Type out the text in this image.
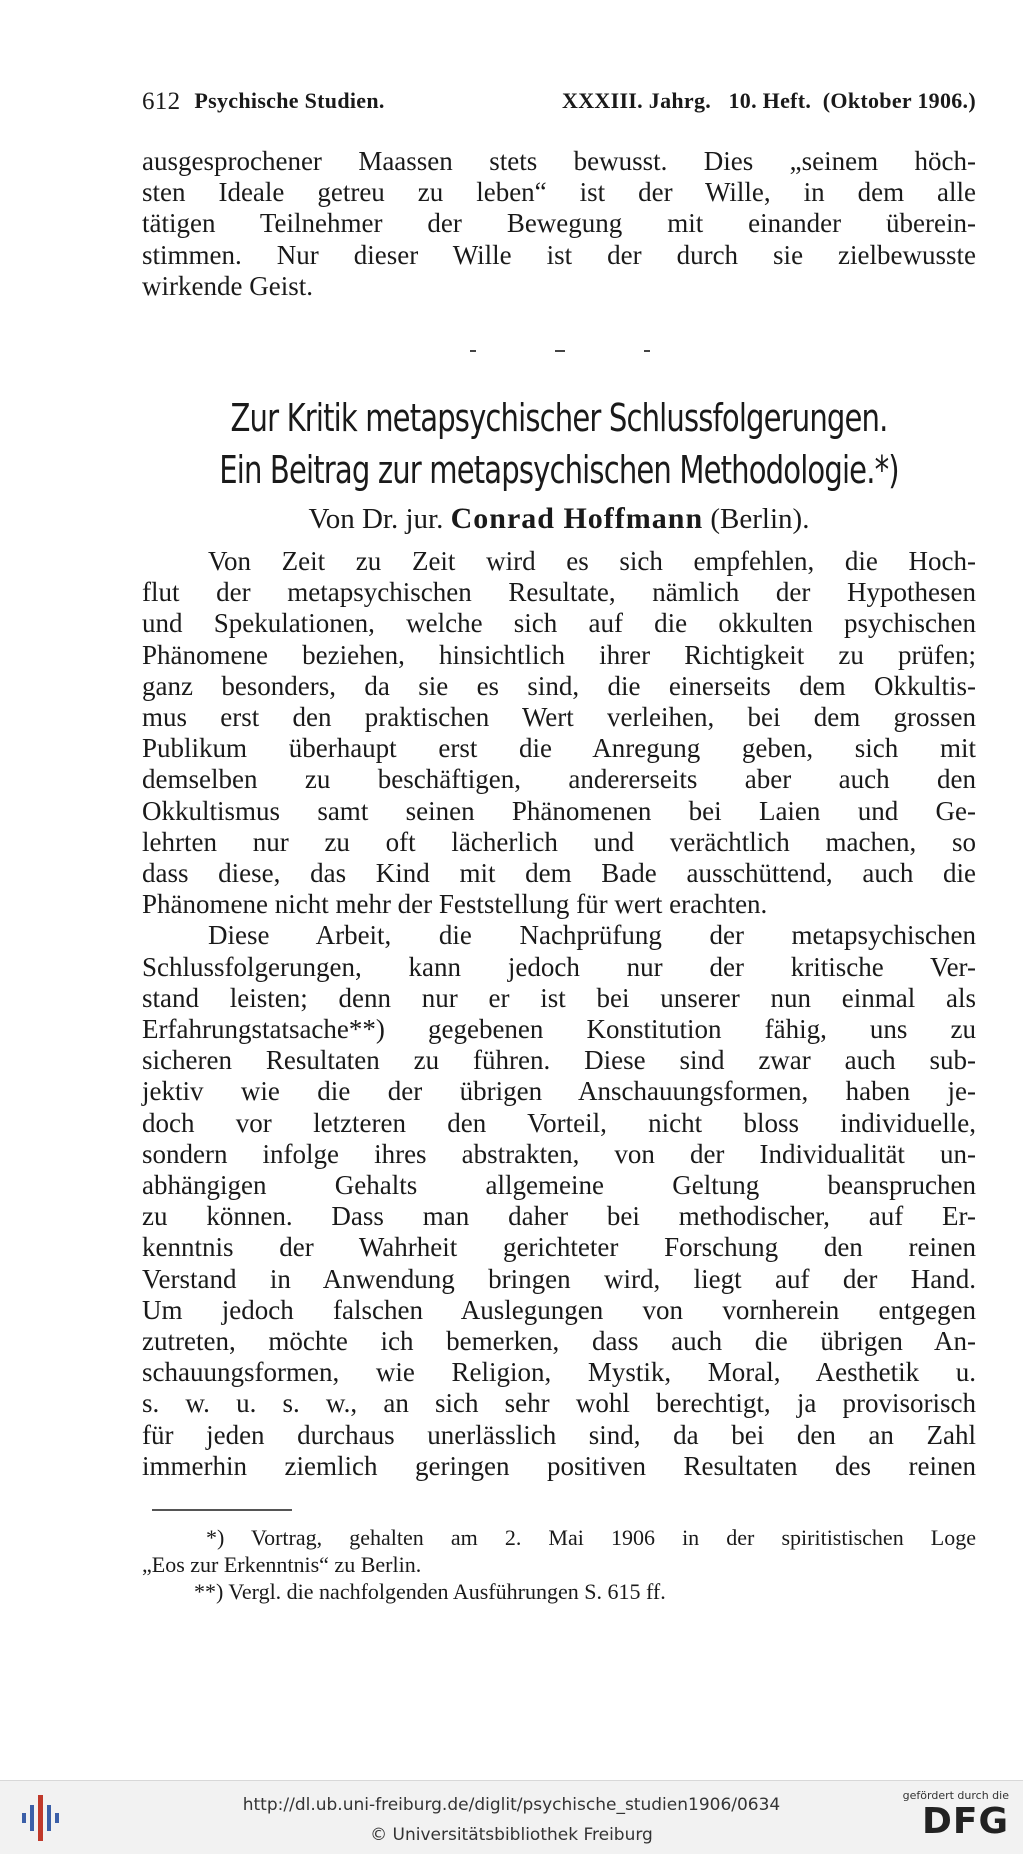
612 Psychische Studien.	XXXIII. Jahrg.   10. Heft.  (Oktober 1906.)
ausgesprochener Maassen stets bewusst. Dies „seinem höch-
sten Ideale getreu zu leben“ ist der Wille, in dem alle
tätigen Teilnehmer der Bewegung mit einander überein-
stimmen. Nur dieser Wille ist der durch sie zielbewusste
wirkende Geist.
Zur Kritik metapsychischer Schlussfolgerungen.
Ein Beitrag zur metapsychischen Methodologie.*)
Von Dr. jur. Conrad Hoffmann (Berlin).
Von Zeit zu Zeit wird es sich empfehlen, die Hoch-
flut der metapsychischen Resultate, nämlich der Hypothesen
und Spekulationen, welche sich auf die okkulten psychischen
Phänomene beziehen, hinsichtlich ihrer Richtigkeit zu prüfen;
ganz besonders, da sie es sind, die einerseits dem Okkultis-
mus erst den praktischen Wert verleihen, bei dem grossen
Publikum überhaupt erst die Anregung geben, sich mit
demselben zu beschäftigen, andererseits aber auch den
Okkultismus samt seinen Phänomenen bei Laien und Ge-
lehrten nur zu oft lächerlich und verächtlich machen, so
dass diese, das Kind mit dem Bade ausschüttend, auch die
Phänomene nicht mehr der Feststellung für wert erachten.
Diese Arbeit, die Nachprüfung der metapsychischen
Schlussfolgerungen, kann jedoch nur der kritische Ver-
stand leisten; denn nur er ist bei unserer nun einmal als
Erfahrungstatsache**) gegebenen Konstitution fähig, uns zu
sicheren Resultaten zu führen. Diese sind zwar auch sub-
jektiv wie die der übrigen Anschauungsformen, haben je-
doch vor letzteren den Vorteil, nicht bloss individuelle,
sondern infolge ihres abstrakten, von der Individualität un-
abhängigen Gehalts allgemeine Geltung beanspruchen
zu können. Dass man daher bei methodischer, auf Er-
kenntnis der Wahrheit gerichteter Forschung den reinen
Verstand in Anwendung bringen wird, liegt auf der Hand.
Um jedoch falschen Auslegungen von vornherein entgegen
zutreten, möchte ich bemerken, dass auch die übrigen An-
schauungsformen, wie Religion, Mystik, Moral, Aesthetik u.
s. w. u. s. w., an sich sehr wohl berechtigt, ja provisorisch
für jeden durchaus unerlässlich sind, da bei den an Zahl
immerhin ziemlich geringen positiven Resultaten des reinen
*) Vortrag, gehalten am 2. Mai 1906 in der spiritistischen Loge
„Eos zur Erkenntnis“ zu Berlin.
**) Vergl. die nachfolgenden Ausführungen S. 615 ff.
http://dl.ub.uni-freiburg.de/diglit/psychische_studien1906/0634
© Universitätsbibliothek Freiburg
gefördert durch die
DFG
